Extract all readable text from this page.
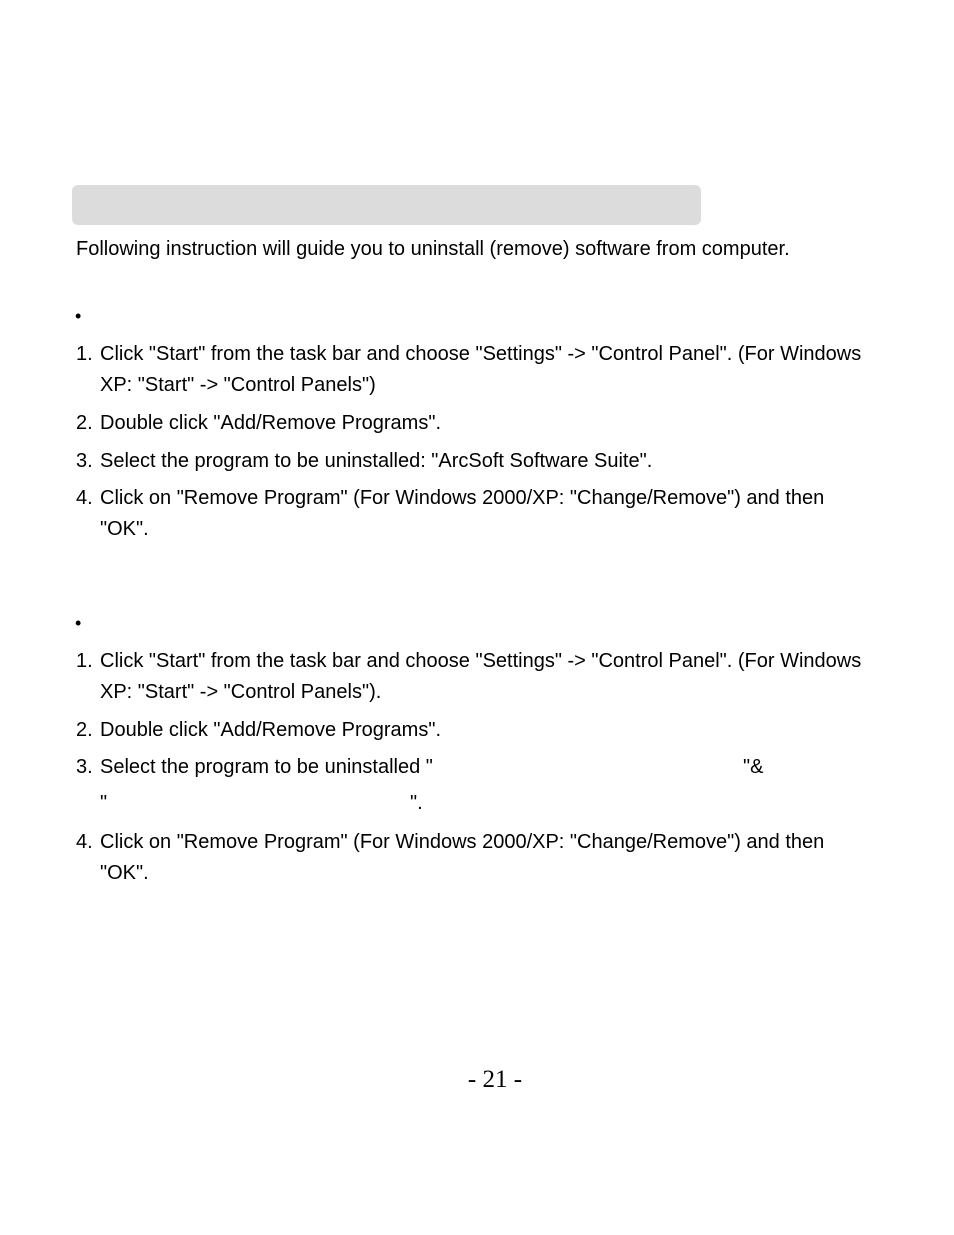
Following instruction will guide you to uninstall (remove) software from computer.
•
1. Click "Start" from the task bar and choose "Settings" -> "Control Panel". (For Windows
XP: "Start" -> "Control Panels")
2. Double click "Add/Remove Programs".
3. Select the program to be uninstalled: "ArcSoft Software Suite".
4. Click on "Remove Program" (For Windows 2000/XP: "Change/Remove") and then
"OK".
•
1. Click "Start" from the task bar and choose "Settings" -> "Control Panel". (For Windows
XP: "Start" -> "Control Panels").
2. Double click "Add/Remove Programs".
3. Select the program to be uninstalled "	"&
"	".
4. Click on "Remove Program" (For Windows 2000/XP: "Change/Remove") and then
"OK".
- 21 -
